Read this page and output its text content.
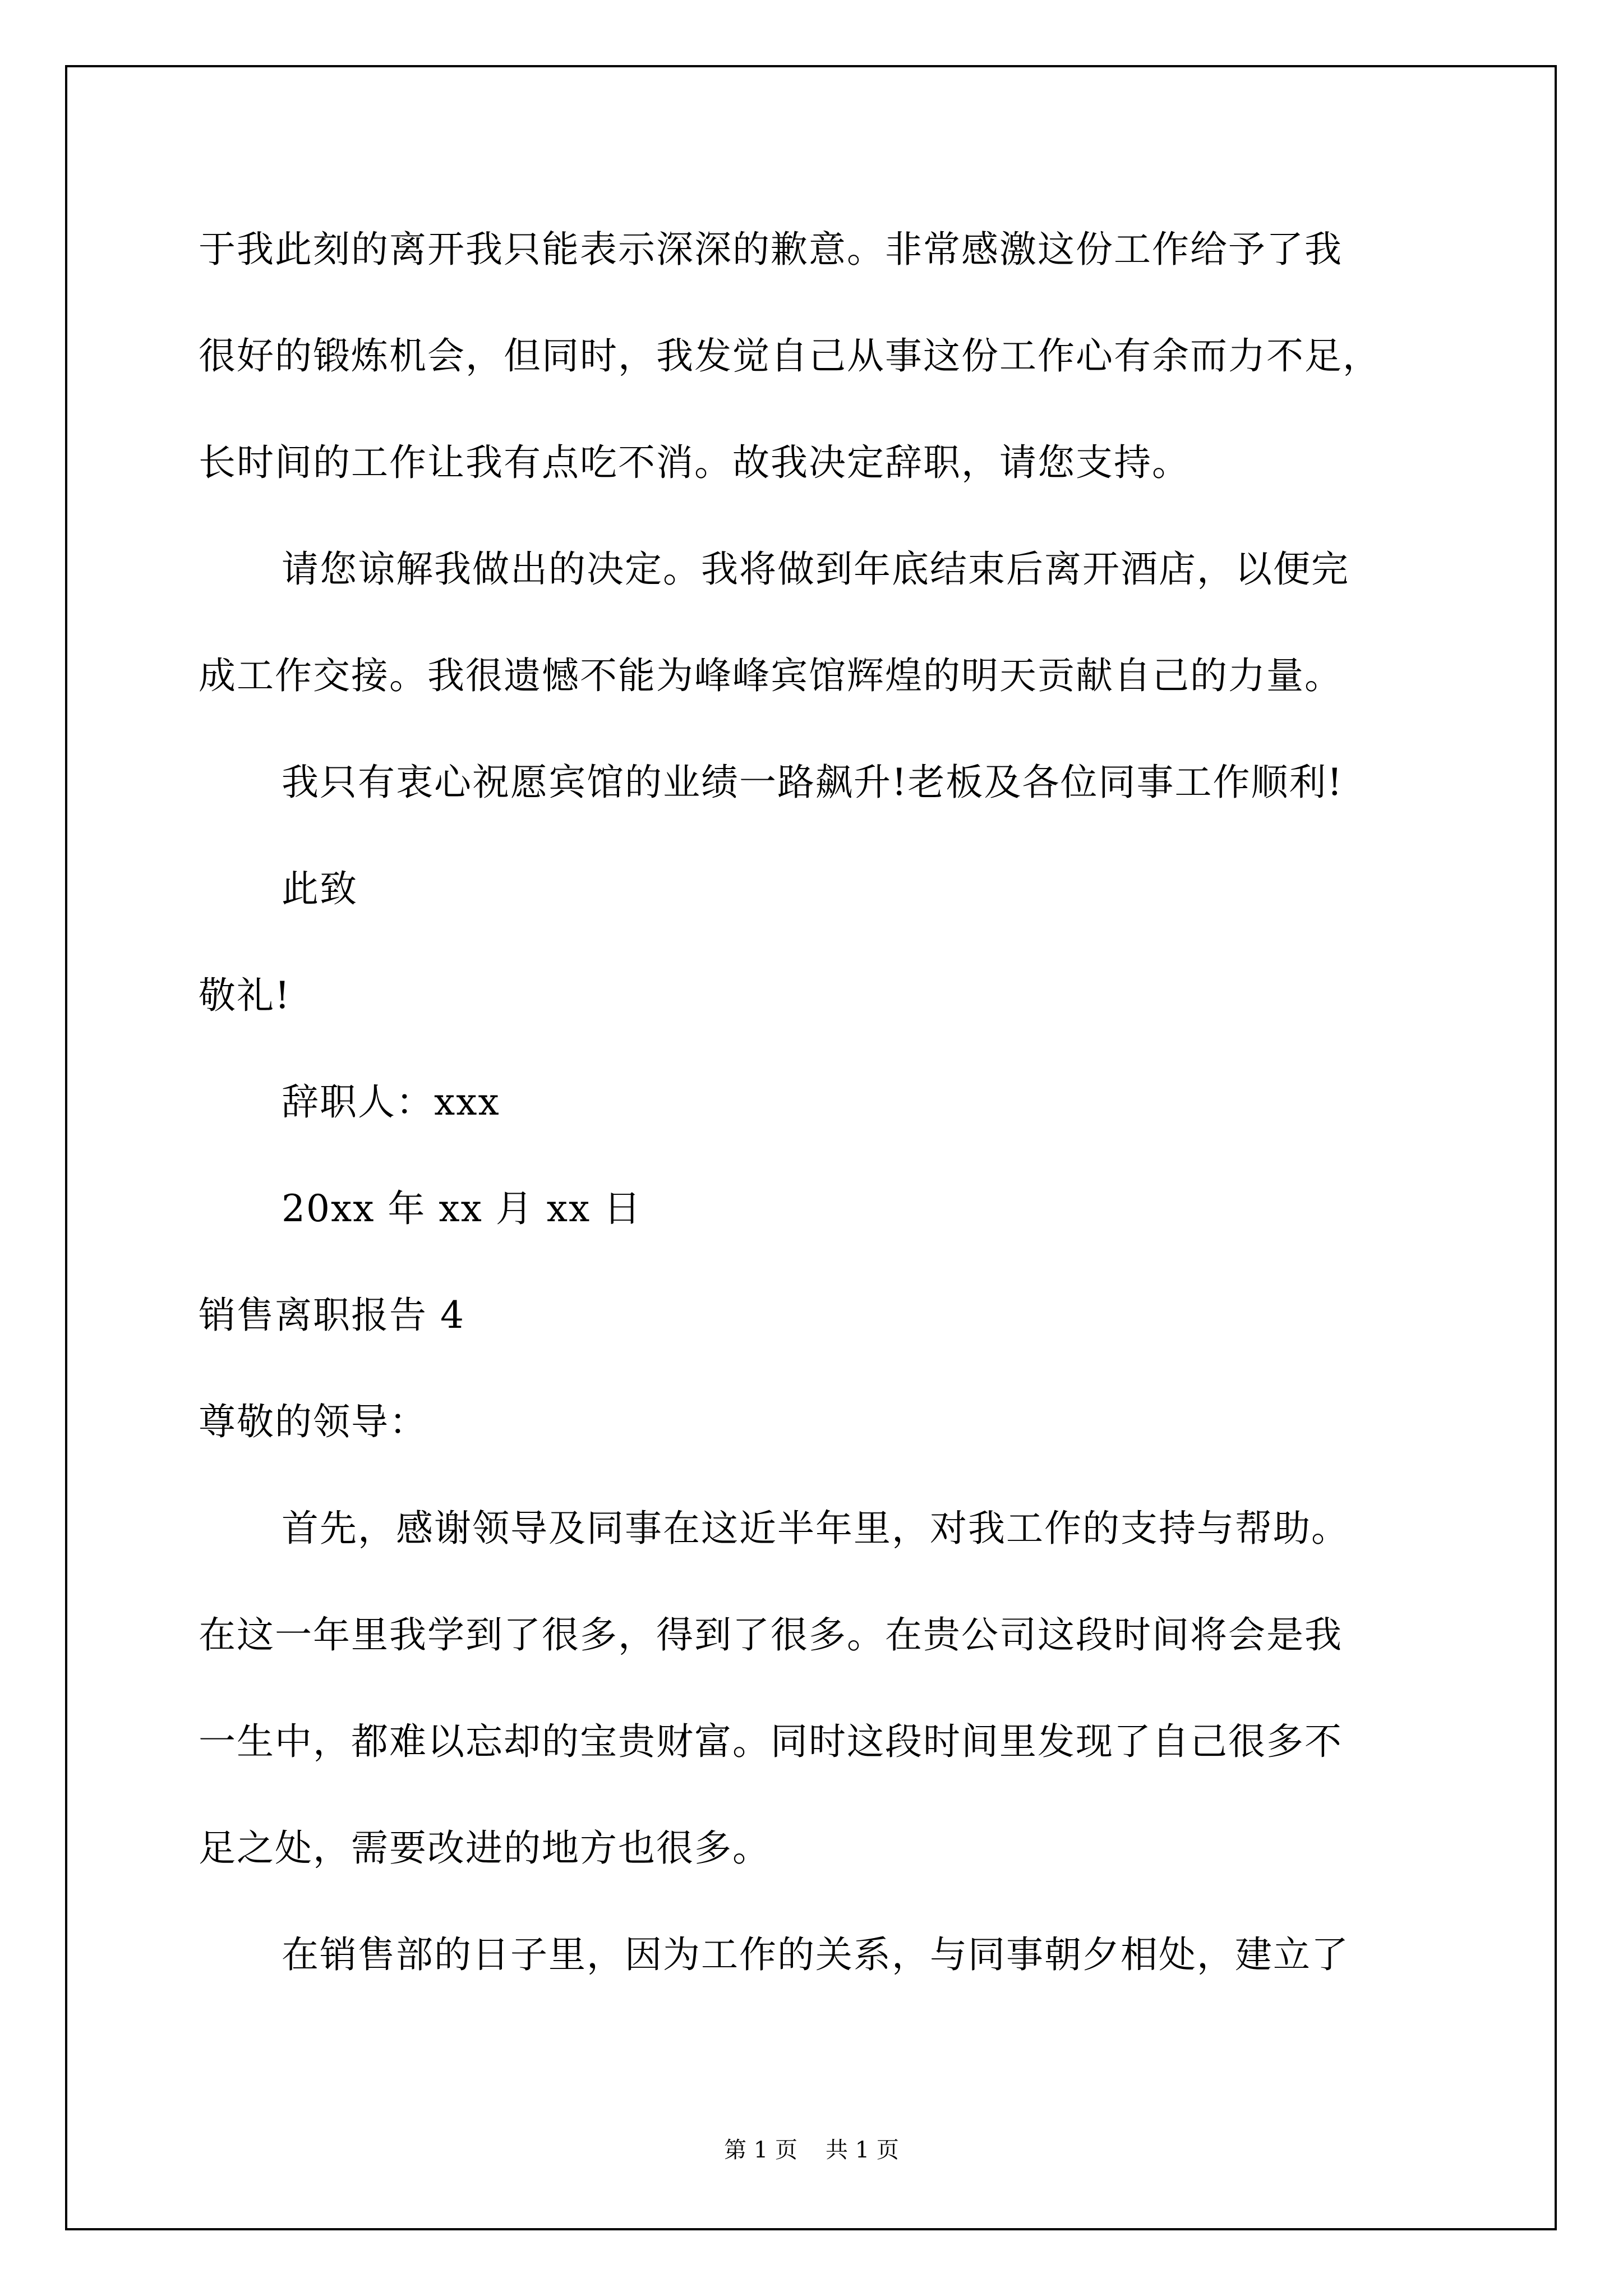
于我此刻的离开我只能表示深深的歉意。非常感激这份工作给予了我
很好的锻炼机会，但同时，我发觉自己从事这份工作心有余而力不足，
长时间的工作让我有点吃不消。故我决定辞职，请您支持。
请您谅解我做出的决定。我将做到年底结束后离开酒店，以便完
成工作交接。我很遗憾不能为峰峰宾馆辉煌的明天贡献自己的力量。
我只有衷心祝愿宾馆的业绩一路飙升!老板及各位同事工作顺利!
此致
敬礼!
辞职人：xxx
20xx 年 xx 月 xx 日
销售离职报告 4
尊敬的领导：
首先，感谢领导及同事在这近半年里，对我工作的支持与帮助。
在这一年里我学到了很多，得到了很多。在贵公司这段时间将会是我
一生中，都难以忘却的宝贵财富。同时这段时间里发现了自己很多不
足之处，需要改进的地方也很多。
在销售部的日子里，因为工作的关系，与同事朝夕相处，建立了
第 1 页 共 1 页
